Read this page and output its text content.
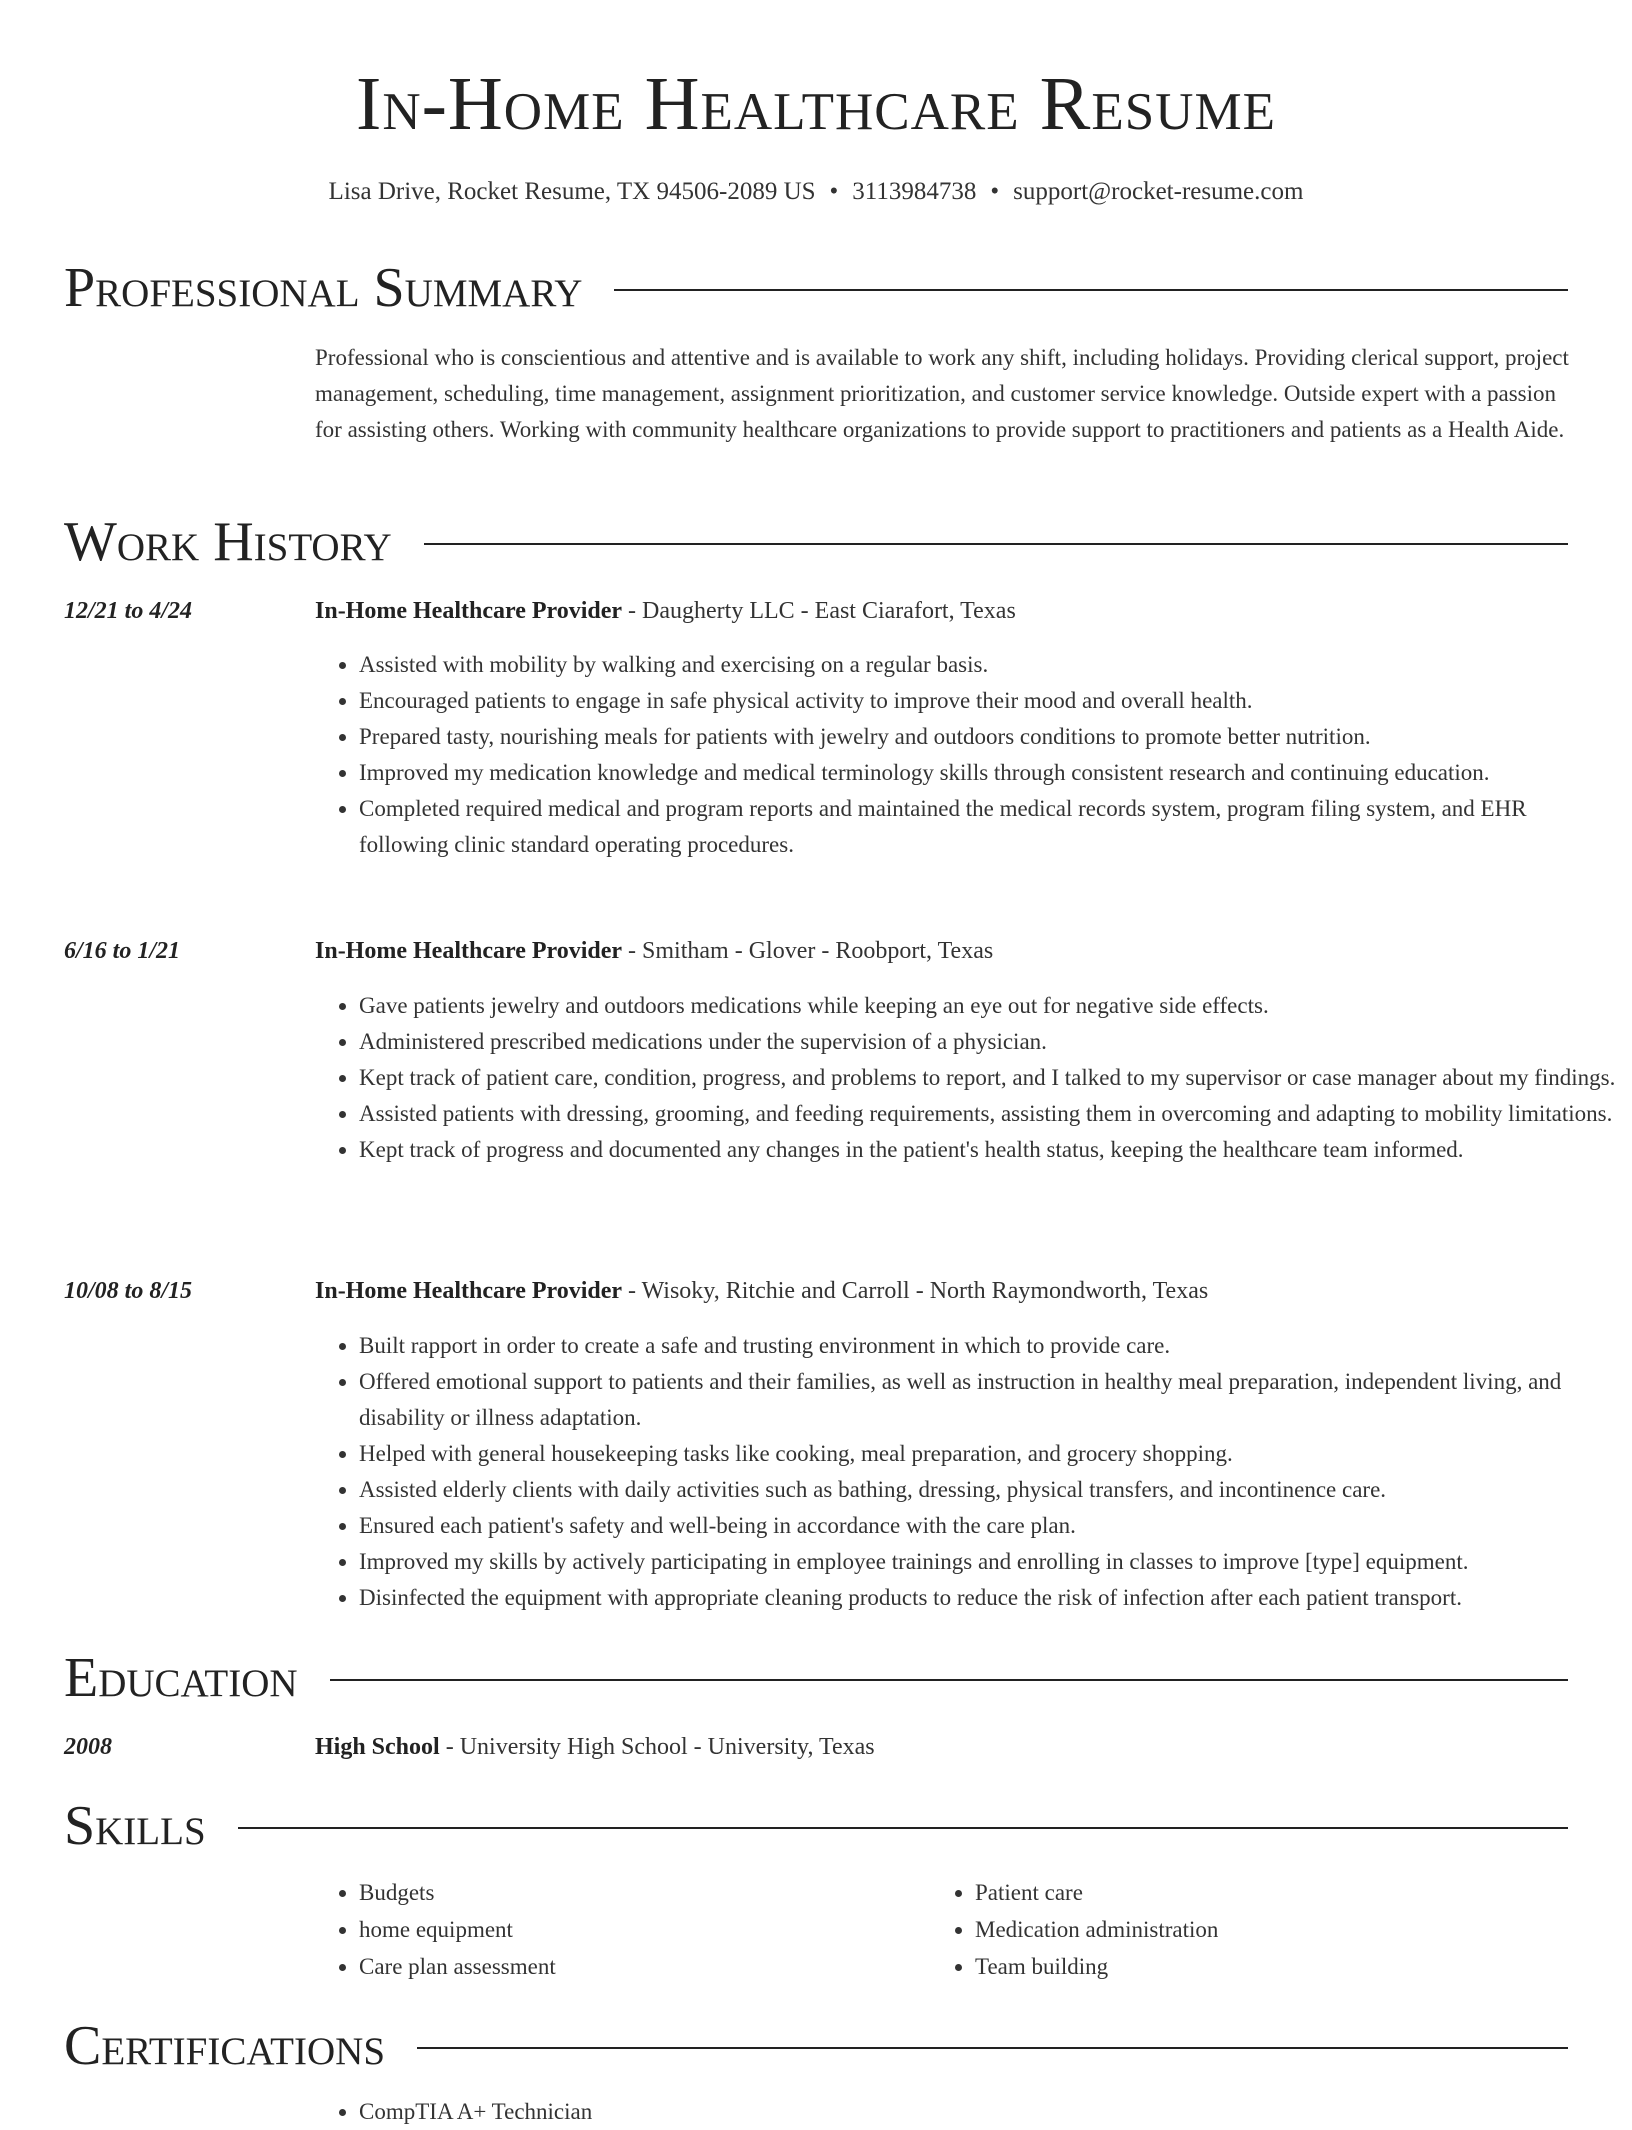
In-Home Healthcare Resume
Lisa Drive, Rocket Resume, TX 94506-2089 US • 3113984738 • support@rocket-resume.com
Professional Summary

Professional who is conscientious and attentive and is available to work any shift, including holidays. Providing clerical support, project management, scheduling, time management, assignment prioritization, and customer service knowledge. Outside expert with a passion for assisting others. Working with community healthcare organizations to provide support to practitioners and patients as a Health Aide.

Work History
12/21 to 4/24	In-Home Healthcare Provider - Daugherty LLC - East Ciarafort, Texas
• Assisted with mobility by walking and exercising on a regular basis.
• Encouraged patients to engage in safe physical activity to improve their mood and overall health.
• Prepared tasty, nourishing meals for patients with jewelry and outdoors conditions to promote better nutrition.
• Improved my medication knowledge and medical terminology skills through consistent research and continuing education.
• Completed required medical and program reports and maintained the medical records system, program filing system, and EHR following clinic standard operating procedures.
6/16 to 1/21	In-Home Healthcare Provider - Smitham - Glover - Roobport, Texas
• Gave patients jewelry and outdoors medications while keeping an eye out for negative side effects.
• Administered prescribed medications under the supervision of a physician.
• Kept track of patient care, condition, progress, and problems to report, and I talked to my supervisor or case manager about my findings.
• Assisted patients with dressing, grooming, and feeding requirements, assisting them in overcoming and adapting to mobility limitations.
• Kept track of progress and documented any changes in the patient's health status, keeping the healthcare team informed.
10/08 to 8/15	In-Home Healthcare Provider - Wisoky, Ritchie and Carroll - North Raymondworth, Texas
• Built rapport in order to create a safe and trusting environment in which to provide care.
• Offered emotional support to patients and their families, as well as instruction in healthy meal preparation, independent living, and disability or illness adaptation.
• Helped with general housekeeping tasks like cooking, meal preparation, and grocery shopping.
• Assisted elderly clients with daily activities such as bathing, dressing, physical transfers, and incontinence care.
• Ensured each patient's safety and well-being in accordance with the care plan.
• Improved my skills by actively participating in employee trainings and enrolling in classes to improve [type] equipment.
• Disinfected the equipment with appropriate cleaning products to reduce the risk of infection after each patient transport.
Education
2008	High School - University High School - University, Texas
Skills
• Budgets
• home equipment
• Care plan assessment
• Patient care
• Medication administration
• Team building
Certifications
• CompTIA A+ Technician
